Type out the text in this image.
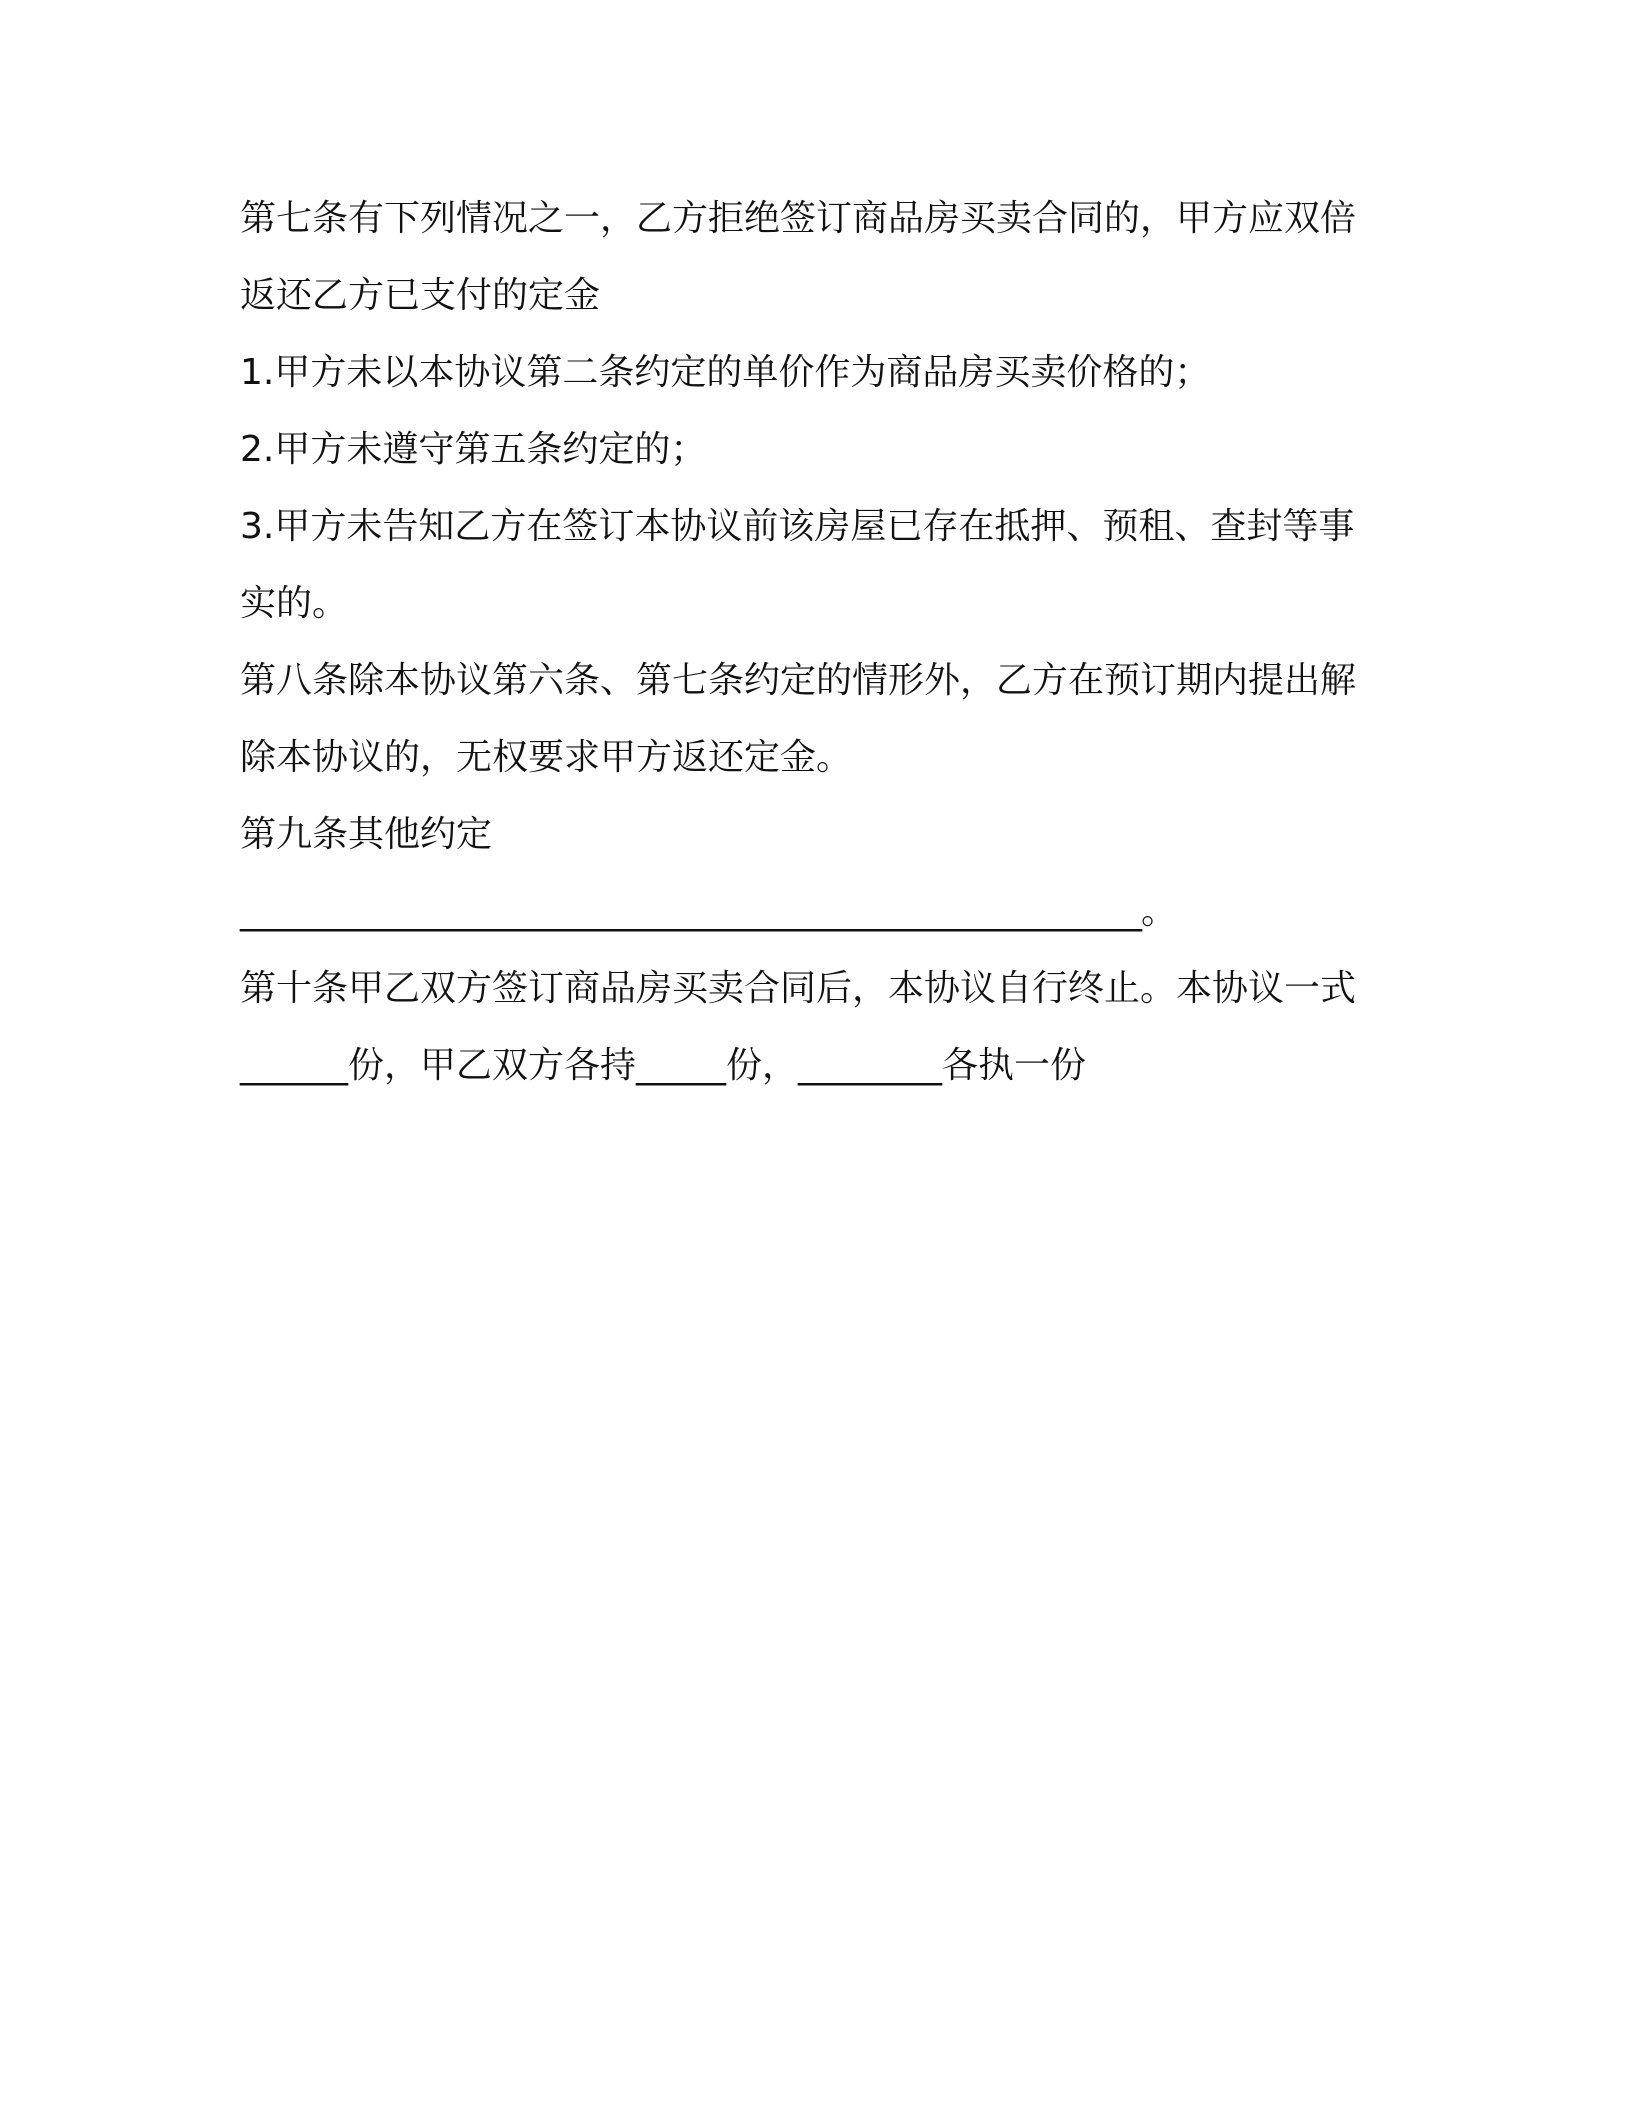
第七条有下列情况之一，乙方拒绝签订商品房买卖合同的，甲方应双倍返还乙方已支付的定金

1.甲方未以本协议第二条约定的单价作为商品房买卖价格的；

2.甲方未遵守第五条约定的；

3.甲方未告知乙方在签订本协议前该房屋已存在抵押、预租、查封等事实的。

第八条除本协议第六条、第七条约定的情形外，乙方在预订期内提出解除本协议的，无权要求甲方返还定金。

第九条其他约定

_____________________________________________________。

第十条甲乙双方签订商品房买卖合同后，本协议自行终止。本协议一式______份，甲乙双方各持_____份，________各执一份
